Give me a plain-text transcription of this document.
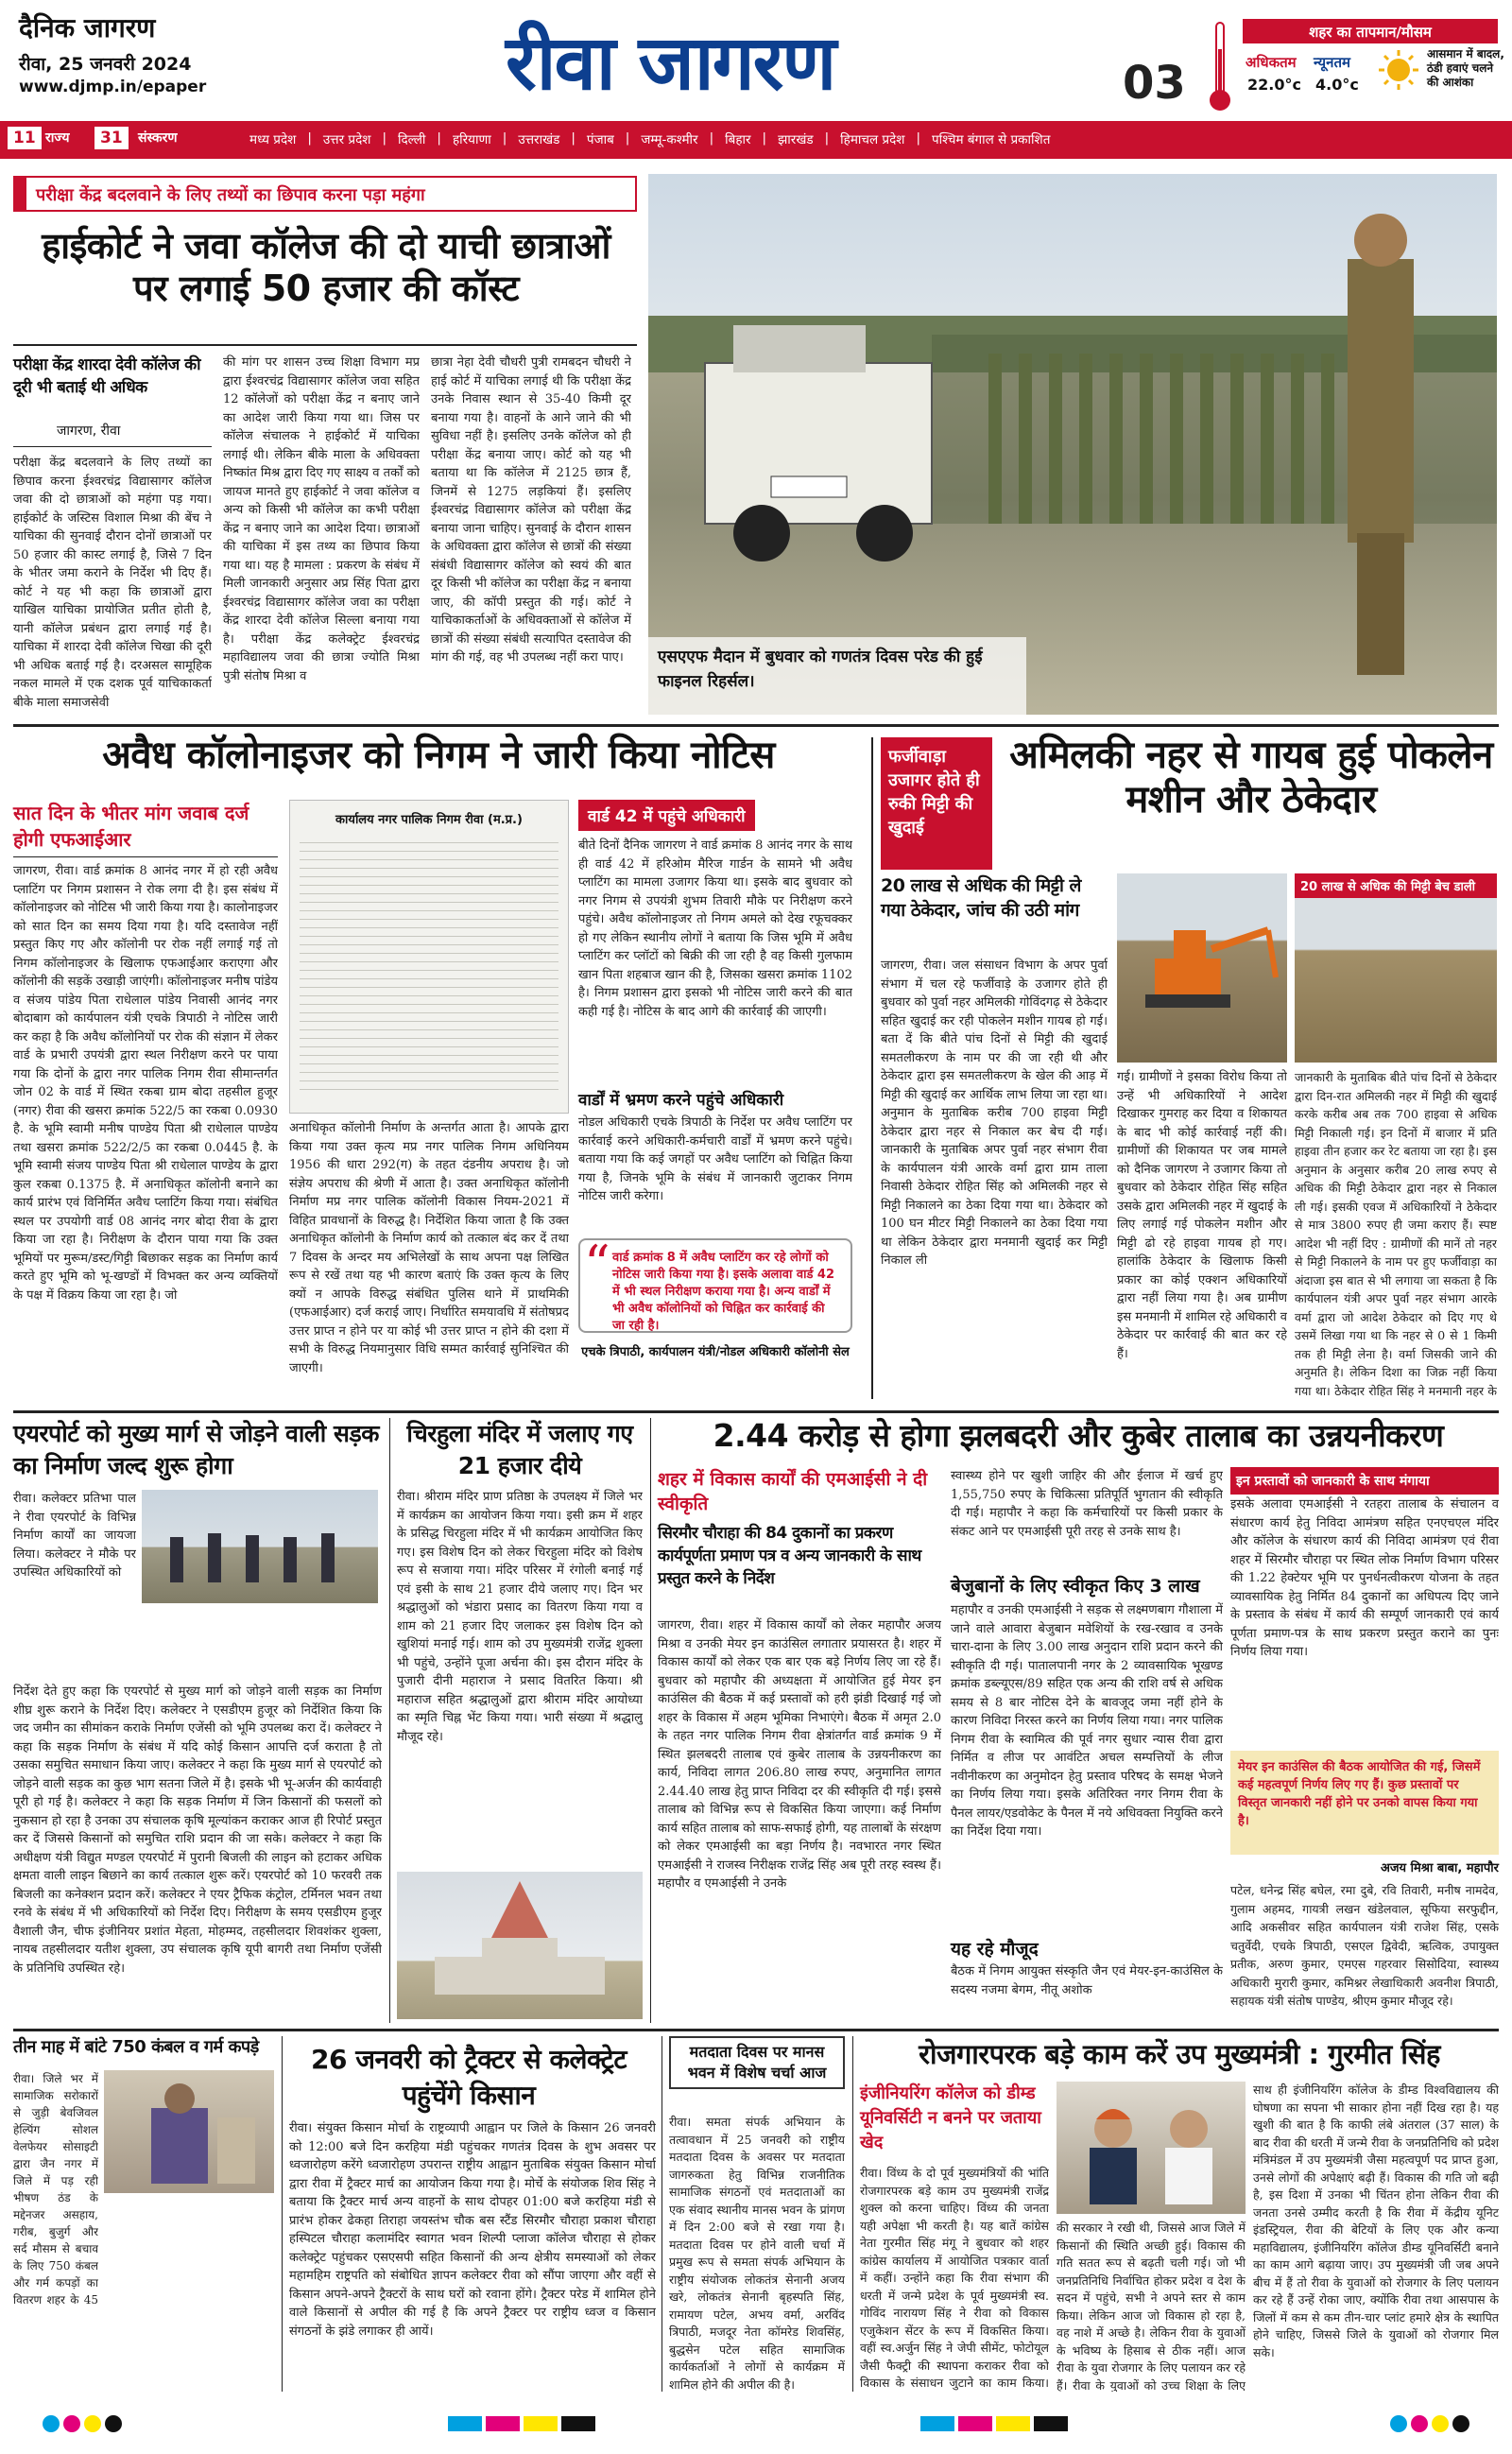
दैनिक जागरण
रीवा, 25 जनवरी 2024
www.djmp.in/epaper	रीवा जागरण	03
शहर का तापमान/मौसम
अधिकतम न्यूनतम
22.0°c 4.0°c
आसमान में बादल, ठंडी हवाएं चलने की आशंका
11 राज्य	31	संस्करण	मध्य प्रदेश | उत्तर प्रदेश | दिल्ली | हरियाणा | उत्तराखंड | पंजाब | जम्मू-कश्मीर | बिहार | झारखंड | हिमाचल प्रदेश | पश्चिम बंगाल से प्रकाशित
परीक्षा केंद्र बदलवाने के लिए तथ्यों का छिपाव करना पड़ा महंगा
हाईकोर्ट ने जवा कॉलेज की दो याची छात्राओं पर लगाई 50 हजार की कॉस्ट
परीक्षा केंद्र शारदा देवी कॉलेज की दूरी भी बताई थी अधिक
जागरण, रीवा
परीक्षा केंद्र बदलवाने के लिए तथ्यों का छिपाव करना ईश्वरचंद्र विद्यासागर कॉलेज जवा की दो छात्राओं को महंगा पड़ गया। हाईकोर्ट के जस्टिस विशाल मिश्रा की बेंच ने याचिका की सुनवाई दौरान दोनों छात्राओं पर 50 हजार की कास्ट लगाई है, जिसे 7 दिन के भीतर जमा कराने के निर्देश भी दिए हैं। कोर्ट ने यह भी कहा कि छात्राओं द्वारा याखिल याचिका प्रायोजित प्रतीत होती है, यानी कॉलेज प्रबंधन द्वारा लगाई गई है। याचिका में शारदा देवी कॉलेज चिखा की दूरी भी अधिक बताई गई है। दरअसल सामूहिक नकल मामले में एक दशक पूर्व याचिकाकर्ता बीके माला समाजसेवी
की मांग पर शासन उच्च शिक्षा विभाग मप्र द्वारा ईश्वरचंद्र विद्यासागर कॉलेज जवा सहित 12 कॉलेजों को परीक्षा केंद्र न बनाए जाने का आदेश जारी किया गया था। जिस पर कॉलेज संचालक ने हाईकोर्ट में याचिका लगाई थी। लेकिन बीके माला के अधिवक्ता निष्कांत मिश्र द्वारा दिए गए साक्ष्य व तर्कों को जायज मानते हुए हाईकोर्ट ने जवा कॉलेज व अन्य को किसी भी कॉलेज का कभी परीक्षा केंद्र न बनाए जाने का आदेश दिया। छात्राओं की याचिका में इस तथ्य का छिपाव किया गया था। यह है मामला : प्रकरण के संबंध में मिली जानकारी अनुसार अप्र सिंह पिता द्वारा ईश्वरचंद्र विद्यासागर कॉलेज जवा का परीक्षा केंद्र शारदा देवी कॉलेज सिल्ला बनाया गया है। परीक्षा केंद्र कलेक्ट्रेट ईश्वरचंद्र महाविद्यालय जवा की छात्रा ज्योति मिश्रा पुत्री संतोष मिश्रा व
छात्रा नेहा देवी चौधरी पुत्री रामबदन चौधरी ने हाई कोर्ट में याचिका लगाई थी कि परीक्षा केंद्र उनके निवास स्थान से 35-40 किमी दूर बनाया गया है। वाहनों के आने जाने की भी सुविधा नहीं है। इसलिए उनके कॉलेज को ही परीक्षा केंद्र बनाया जाए। कोर्ट को यह भी बताया था कि कॉलेज में 2125 छात्र हैं, जिनमें से 1275 लड़कियां हैं। इसलिए ईश्वरचंद्र विद्यासागर कॉलेज को परीक्षा केंद्र बनाया जाना चाहिए। सुनवाई के दौरान शासन के अधिवक्ता द्वारा कॉलेज से छात्रों की संख्या संबंधी विद्यासागर कॉलेज को स्वयं की बात दूर किसी भी कॉलेज का परीक्षा केंद्र न बनाया जाए, की कॉपी प्रस्तुत की गई। कोर्ट ने याचिकाकर्ताओं के अधिवक्ताओं से कॉलेज में छात्रों की संख्या संबंधी सत्यापित दस्तावेज की मांग की गई, वह भी उपलब्ध नहीं करा पाए।	एसएएफ मैदान में बुधवार को गणतंत्र दिवस परेड की हुई फाइनल रिहर्सल।
अवैध कॉलोनाइजर को निगम ने जारी किया नोटिस
सात दिन के भीतर मांग जवाब दर्ज होगी एफआईआर
जागरण, रीवा। वार्ड क्रमांक 8 आनंद नगर में हो रही अवैध प्लाटिंग पर निगम प्रशासन ने रोक लगा दी है। इस संबंध में कॉलोनाइजर को नोटिस भी जारी किया गया है। कालोनाइजर को सात दिन का समय दिया गया है। यदि दस्तावेज नहीं प्रस्तुत किए गए और कॉलोनी पर रोक नहीं लगाई गई तो निगम कॉलोनाइजर के खिलाफ एफआईआर कराएगा और कॉलोनी की सड़कें उखाड़ी जाएंगी। कॉलोनाइजर मनीष पांडेय व संजय पांडेय पिता राधेलाल पांडेय निवासी आनंद नगर बोदाबाग को कार्यपालन यंत्री एचके त्रिपाठी ने नोटिस जारी कर कहा है कि अवैध कॉलोनियों पर रोक की संज्ञान में लेकर वार्ड के प्रभारी उपयंत्री द्वारा स्थल निरीक्षण करने पर पाया गया कि दोनों के द्वारा नगर पालिक निगम रीवा सीमान्तर्गत जोन 02 के वार्ड में स्थित रकबा ग्राम बोदा तहसील हुजूर (नगर) रीवा की खसरा क्रमांक 522/5 का रकबा 0.0930 है. के भूमि स्वामी मनीष पाण्डेय पिता श्री राधेलाल पाण्डेय तथा खसरा क्रमांक 522/2/5 का रकबा 0.0445 है. के भूमि स्वामी संजय पाण्डेय पिता श्री राधेलाल पाण्डेय के द्वारा कुल रकबा 0.1375 है. में अनाधिकृत कॉलोनी बनाने का कार्य प्रारंभ एवं विनिर्मित अवैध प्लाटिंग किया गया। संबंधित स्थल पर उपयोगी वार्ड 08 आनंद नगर बोदा रीवा के द्वारा किया जा रहा है। निरीक्षण के दौरान पाया गया कि उक्त भूमियों पर मुरूम/डस्ट/गिट्टी बिछाकर सड़क का निर्माण कार्य करते हुए भूमि को भू-खण्डों में विभक्त कर अन्य व्यक्तियों के पक्ष में विक्रय किया जा रहा है। जो
कार्यालय नगर पालिक निगम रीवा (म.प्र.)
अनाधिकृत कॉलोनी निर्माण के अन्तर्गत आता है। आपके द्वारा किया गया उक्त कृत्य मप्र नगर पालिक निगम अधिनियम 1956 की धारा 292(ग) के तहत दंडनीय अपराध है। जो संज्ञेय अपराध की श्रेणी में आता है। उक्त अनाधिकृत कॉलोनी निर्माण मप्र नगर पालिक कॉलोनी विकास नियम-2021 में विहित प्रावधानों के विरुद्ध है। निर्देशित किया जाता है कि उक्त अनाधिकृत कॉलोनी के निर्माण कार्य को तत्काल बंद कर दें तथा 7 दिवस के अन्दर मय अभिलेखों के साथ अपना पक्ष लिखित रूप से रखें तथा यह भी कारण बताएं कि उक्त कृत्य के लिए क्यों न आपके विरुद्ध संबंधित पुलिस थाने में प्राथमिकी (एफआईआर) दर्ज कराई जाए। निर्धारित समयावधि में संतोषप्रद उत्तर प्राप्त न होने पर या कोई भी उत्तर प्राप्त न होने की दशा में सभी के विरुद्ध नियमानुसार विधि सम्मत कार्रवाई सुनिश्चित की जाएगी।
वार्ड 42 में पहुंचे अधिकारी
बीते दिनों दैनिक जागरण ने वार्ड क्रमांक 8 आनंद नगर के साथ ही वार्ड 42 में हरिओम मैरिज गार्डन के सामने भी अवैध प्लाटिंग का मामला उजागर किया था। इसके बाद बुधवार को नगर निगम से उपयंत्री शुभम तिवारी मौके पर निरीक्षण करने पहुंचे। अवैध कॉलोनाइजर तो निगम अमले को देख रफूचक्कर हो गए लेकिन स्थानीय लोगों ने बताया कि जिस भूमि में अवैध प्लाटिंग कर प्लॉटों को बिक्री की जा रही है वह किसी गुलफाम खान पिता शहबाज खान की है, जिसका खसरा क्रमांक 1102 है। निगम प्रशासन द्वारा इसको भी नोटिस जारी करने की बात कही गई है। नोटिस के बाद आगे की कार्रवाई की जाएगी।
वार्डों में भ्रमण करने पहुंचे अधिकारी
नोडल अधिकारी एचके त्रिपाठी के निर्देश पर अवैध प्लाटिंग पर कार्रवाई करने अधिकारी-कर्मचारी वार्डों में भ्रमण करने पहुंचे। बताया गया कि कई जगहों पर अवैध प्लाटिंग को चिह्नित किया गया है, जिनके भूमि के संबंध में जानकारी जुटाकर निगम नोटिस जारी करेगा।
“ वार्ड क्रमांक 8 में अवैध प्लाटिंग कर रहे लोगों को नोटिस जारी किया गया है। इसके अलावा वार्ड 42 में भी स्थल निरीक्षण कराया गया है। अन्य वार्डों में भी अवैध कॉलोनियों को चिह्नित कर कार्रवाई की जा रही है।
एचके त्रिपाठी, कार्यपालन यंत्री/नोडल अधिकारी कॉलोनी सेल
फर्जीवाड़ा उजागर होते ही रुकी मिट्टी की खुदाई
अमिलकी नहर से गायब हुई पोकलेन मशीन और ठेकेदार
20 लाख से अधिक की मिट्टी ले गया ठेकेदार, जांच की उठी मांग
जागरण, रीवा। जल संसाधन विभाग के अपर पुर्वा संभाग में चल रहे फर्जीवाड़े के उजागर होते ही बुधवार को पुर्वा नहर अमिलकी गोविंदगढ़ से ठेकेदार सहित खुदाई कर रही पोकलेन मशीन गायब हो गई। बता दें कि बीते पांच दिनों से मिट्टी की खुदाई समतलीकरण के नाम पर की जा रही थी और ठेकेदार द्वारा इस समतलीकरण के खेल की आड़ में मिट्टी की खुदाई कर आर्थिक लाभ लिया जा रहा था। अनुमान के मुताबिक करीब 700 हाइवा मिट्टी ठेकेदार द्वारा नहर से निकाल कर बेच दी गई। जानकारी के मुताबिक अपर पुर्वा नहर संभाग रीवा के कार्यपालन यंत्री आरके वर्मा द्वारा ग्राम ताला निवासी ठेकेदार रोहित सिंह को अमिलकी नहर से मिट्टी निकालने का ठेका दिया गया था। ठेकेदार को 100 घन मीटर मिट्टी निकालने का ठेका दिया गया था लेकिन ठेकेदार द्वारा मनमानी खुदाई कर मिट्टी निकाल ली
20 लाख से अधिक की मिट्टी बेच डाली
गई। ग्रामीणों ने इसका विरोध किया तो उन्हें भी अधिकारियों ने आदेश दिखाकर गुमराह कर दिया व शिकायत के बाद भी कोई कार्रवाई नहीं की। ग्रामीणों की शिकायत पर जब मामले को दैनिक जागरण ने उजागर किया तो बुधवार को ठेकेदार रोहित सिंह सहित उसके द्वारा अमिलकी नहर में खुदाई के लिए लगाई गई पोकलेन मशीन और मिट्टी ढो रहे हाइवा गायब हो गए। हालांकि ठेकेदार के खिलाफ किसी प्रकार का कोई एक्शन अधिकारियों द्वारा नहीं लिया गया है। अब ग्रामीण इस मनमानी में शामिल रहे अधिकारी व ठेकेदार पर कार्रवाई की बात कर रहे हैं।
जानकारी के मुताबिक बीते पांच दिनों से ठेकेदार द्वारा दिन-रात अमिलकी नहर में मिट्टी की खुदाई करके करीब अब तक 700 हाइवा से अधिक मिट्टी निकाली गई। इन दिनों में बाजार में प्रति हाइवा तीन हजार कर रेट बताया जा रहा है। इस अनुमान के अनुसार करीब 20 लाख रुपए से अधिक की मिट्टी ठेकेदार द्वारा नहर से निकाल ली गई। इसकी एवज में अधिकारियों ने ठेकेदार से मात्र 3800 रुपए ही जमा कराए हैं। स्पष्ट आदेश भी नहीं दिए : ग्रामीणों की मानें तो नहर से मिट्टी निकालने के नाम पर हुए फर्जीवाड़ा का अंदाजा इस बात से भी लगाया जा सकता है कि कार्यपालन यंत्री अपर पुर्वा नहर संभाग आरके वर्मा द्वारा जो आदेश ठेकेदार को दिए गए थे उसमें लिखा गया था कि नहर से 0 से 1 किमी तक ही मिट्टी लेना है। वर्मा जिसकी जाने की अनुमति है। लेकिन दिशा का जिक्र नहीं किया गया था। ठेकेदार रोहित सिंह ने मनमानी नहर के
एयरपोर्ट को मुख्य मार्ग से जोड़ने वाली सड़क का निर्माण जल्द शुरू होगा
रीवा। कलेक्टर प्रतिभा पाल ने रीवा एयरपोर्ट के विभिन्न निर्माण कार्यों का जायजा लिया। कलेक्टर ने मौके पर उपस्थित अधिकारियों को
निर्देश देते हुए कहा कि एयरपोर्ट से मुख्य मार्ग को जोड़ने वाली सड़क का निर्माण शीघ्र शुरू कराने के निर्देश दिए। कलेक्टर ने एसडीएम हुजूर को निर्देशित किया कि जद जमीन का सीमांकन कराके निर्माण एजेंसी को भूमि उपलब्ध करा दें। कलेक्टर ने कहा कि सड़क निर्माण के संबंध में यदि कोई किसान आपत्ति दर्ज कराता है तो उसका समुचित समाधान किया जाए। कलेक्टर ने कहा कि मुख्य मार्ग से एयरपोर्ट को जोड़ने वाली सड़क का कुछ भाग सतना जिले में है। इसके भी भू-अर्जन की कार्यवाही पूरी हो गई है। कलेक्टर ने कहा कि सड़क निर्माण में जिन किसानों की फसलों को नुकसान हो रहा है उनका उप संचालक कृषि मूल्यांकन कराकर आज ही रिपोर्ट प्रस्तुत कर दें जिससे किसानों को समुचित राशि प्रदान की जा सके। कलेक्टर ने कहा कि अधीक्षण यंत्री विद्युत मण्डल एयरपोर्ट में पुरानी बिजली की लाइन को हटाकर अधिक क्षमता वाली लाइन बिछाने का कार्य तत्काल शुरू करें। एयरपोर्ट को 10 फरवरी तक बिजली का कनेक्शन प्रदान करें। कलेक्टर ने एयर ट्रैफिक कंट्रोल, टर्मिनल भवन तथा रनवे के संबंध में भी अधिकारियों को निर्देश दिए। निरीक्षण के समय एसडीएम हुजूर वैशाली जैन, चीफ इंजीनियर प्रशांत मेहता, मोहम्मद, तहसीलदार शिवशंकर शुक्ला, नायब तहसीलदार यतीश शुक्ला, उप संचालक कृषि यूपी बागरी तथा निर्माण एजेंसी के प्रतिनिधि उपस्थित रहे।
चिरहुला मंदिर में जलाए गए 21 हजार दीये
रीवा। श्रीराम मंदिर प्राण प्रतिष्ठा के उपलक्ष्य में जिले भर में कार्यक्रम का आयोजन किया गया। इसी क्रम में शहर के प्रसिद्ध चिरहुला मंदिर में भी कार्यक्रम आयोजित किए गए। इस विशेष दिन को लेकर चिरहुला मंदिर को विशेष रूप से सजाया गया। मंदिर परिसर में रंगोली बनाई गई एवं इसी के साथ 21 हजार दीये जलाए गए। दिन भर श्रद्धालुओं को भंडारा प्रसाद का वितरण किया गया व शाम को 21 हजार दिए जलाकर इस विशेष दिन को खुशियां मनाई गई। शाम को उप मुख्यमंत्री राजेंद्र शुक्ला भी पहुंचे, उन्होंने पूजा अर्चना की। इस दौरान मंदिर के पुजारी दीनी महाराज ने प्रसाद वितरित किया। श्री महाराज सहित श्रद्धालुओं द्वारा श्रीराम मंदिर आयोध्या का स्मृति चिह्न भेंट किया गया। भारी संख्या में श्रद्धालु मौजूद रहे।
2.44 करोड़ से होगा झलबदरी और कुबेर तालाब का उन्नयनीकरण
शहर में विकास कार्यों की एमआईसी ने दी स्वीकृति
सिरमौर चौराहा की 84 दुकानों का प्रकरण कार्यपूर्णता प्रमाण पत्र व अन्य जानकारी के साथ प्रस्तुत करने के निर्देश
जागरण, रीवा। शहर में विकास कार्यों को लेकर महापौर अजय मिश्रा व उनकी मेयर इन काउंसिल लगातार प्रयासरत है। शहर में विकास कार्यों को लेकर एक बार एक बड़े निर्णय लिए जा रहे हैं। बुधवार को महापौर की अध्यक्षता में आयोजित हुई मेयर इन काउंसिल की बैठक में कई प्रस्तावों को हरी झंडी दिखाई गई जो शहर के विकास में अहम भूमिका निभाएंगे। बैठक में अमृत 2.0 के तहत नगर पालिक निगम रीवा क्षेत्रांतर्गत वार्ड क्रमांक 9 में स्थित झलबदरी तालाब एवं कुबेर तालाब के उन्नयनीकरण का कार्य, निविदा लागत 206.80 लाख रुपए, अनुमानित लागत 2.44.40 लाख हेतु प्राप्त निविदा दर की स्वीकृति दी गई। इससे तालाब को विभिन्न रूप से विकसित किया जाएगा। कई निर्माण कार्य सहित तालाब को साफ-सफाई होगी, यह तालाबों के संरक्षण को लेकर एमआईसी का बड़ा निर्णय है। नवभारत नगर स्थित एमआईसी ने राजस्व निरीक्षक राजेंद्र सिंह अब पूरी तरह स्वस्थ हैं। महापौर व एमआईसी ने उनके
स्वास्थ्य होने पर खुशी जाहिर की और ईलाज में खर्च हुए 1,55,750 रुपए के चिकित्सा प्रतिपूर्ति भुगतान की स्वीकृति दी गई। महापौर ने कहा कि कर्मचारियों पर किसी प्रकार के संकट आने पर एमआईसी पूरी तरह से उनके साथ है।
बेजुबानों के लिए स्वीकृत किए 3 लाख
महापौर व उनकी एमआईसी ने सड़क से लक्ष्मणबाग गौशाला में जाने वाले आवारा बेजुबान मवेशियों के रख-रखाव व उनके चारा-दाना के लिए 3.00 लाख अनुदान राशि प्रदान करने की स्वीकृति दी गई। पातालपानी नगर के 2 व्यावसायिक भूखण्ड क्रमांक डब्ल्यूएस/89 सहित एक अन्य की राशि वर्ष से अधिक समय से 8 बार नोटिस देने के बावजूद जमा नहीं होने के कारण निविदा निरस्त करने का निर्णय लिया गया। नगर पालिक निगम रीवा के स्वामित्व की पूर्व नगर सुधार न्यास रीवा द्वारा निर्मित व लीज पर आवंटित अचल सम्पत्तियों के लीज नवीनीकरण का अनुमोदन हेतु प्रस्ताव परिषद के समक्ष भेजने का निर्णय लिया गया। इसके अतिरिक्त नगर निगम रीवा के पैनल लायर/एडवोकेट के पैनल में नये अधिवक्ता नियुक्ति करने का निर्देश दिया गया।
यह रहे मौजूद
बैठक में निगम आयुक्त संस्कृति जैन एवं मेयर-इन-काउंसिल के सदस्य नजमा बेगम, नीतू अशोक
इन प्रस्तावों को जानकारी के साथ मंगाया
इसके अलावा एमआईसी ने रतहरा तालाब के संचालन व संधारण कार्य हेतु निविदा आमंत्रण सहित एनएचएल मंदिर और कॉलेज के संधारण कार्य की निविदा आमंत्रण एवं रीवा शहर में सिरमौर चौराहा पर स्थित लोक निर्माण विभाग परिसर की 1.22 हेक्टेयर भूमि पर पुनर्धनत्वीकरण योजना के तहत व्यावसायिक हेतु निर्मित 84 दुकानों का अधिपत्य दिए जाने के प्रस्ताव के संबंध में कार्य की सम्पूर्ण जानकारी एवं कार्य पूर्णता प्रमाण-पत्र के साथ प्रकरण प्रस्तुत कराने का पुनः निर्णय लिया गया।
मेयर इन काउंसिल की बैठक आयोजित की गई, जिसमें कई महत्वपूर्ण निर्णय लिए गए हैं। कुछ प्रस्तावों पर विस्तृत जानकारी नहीं होने पर उनको वापस किया गया है।
अजय मिश्रा बाबा, महापौर
पटेल, धनेन्द्र सिंह बघेल, रमा दुबे, रवि तिवारी, मनीष नामदेव, गुलाम अहमद, गायत्री लखन खंडेलवाल, सूफिया सरफुद्दीन, आदि अकसीवर सहित कार्यपालन यंत्री राजेश सिंह, एसके चतुर्वेदी, एचके त्रिपाठी, एसएल द्विवेदी, ऋत्विक, उपायुक्त प्रतीक, अरुण कुमार, एमएस गहरवार सिसोदिया, स्वास्थ्य अधिकारी मुरारी कुमार, कमिश्नर लेखाधिकारी अवनीश त्रिपाठी, सहायक यंत्री संतोष पाण्डेय, श्रीएम कुमार मौजूद रहे।
तीन माह में बांटे 750 कंबल व गर्म कपड़े
रीवा। जिले भर में सामाजिक सरोकारों से जुड़ी बेवजिवल हेल्पिंग सोशल वेलफेयर सोसाइटी द्वारा जैन नगर में जिले में पड़ रही भीषण ठंड के मद्देनजर असहाय, गरीब, बुजुर्ग और सर्द मौसम से बचाव के लिए 750 कंबल और गर्म कपड़ों का वितरण शहर के 45
26 जनवरी को ट्रैक्टर से कलेक्ट्रेट पहुंचेंगे किसान
रीवा। संयुक्त किसान मोर्चा के राष्ट्रव्यापी आह्वान पर जिले के किसान 26 जनवरी को 12:00 बजे दिन करहिया मंडी पहुंचकर गणतंत्र दिवस के शुभ अवसर पर ध्वजारोहण करेंगे ध्वजारोहण उपरान्त राष्ट्रीय आह्वान मुताबिक संयुक्त किसान मोर्चा द्वारा रीवा में ट्रैक्टर मार्च का आयोजन किया गया है। मोर्चे के संयोजक शिव सिंह ने बताया कि ट्रैक्टर मार्च अन्य वाहनों के साथ दोपहर 01:00 बजे करहिया मंडी से प्रारंभ होकर ढेकहा तिराहा जयस्तंभ चौक बस स्टैंड सिरमौर चौराहा प्रकाश चौराहा हस्पिटल चौराहा कलामंदिर स्वागत भवन शिल्पी प्लाजा कॉलेज चौराहा से होकर कलेक्ट्रेट पहुंचकर एसएसपी सहित किसानों की अन्य क्षेत्रीय समस्याओं को लेकर महामहिम राष्ट्रपति को संबोधित ज्ञापन कलेक्टर रीवा को सौंपा जाएगा और वहीं से किसान अपने-अपने ट्रैक्टरों के साथ घरों को रवाना होंगे। ट्रैक्टर परेड में शामिल होने वाले किसानों से अपील की गई है कि अपने ट्रैक्टर पर राष्ट्रीय ध्वज व किसान संगठनों के झंडे लगाकर ही आयें।
मतदाता दिवस पर मानस भवन में विशेष चर्चा आज
रीवा। समता संपर्क अभियान के तत्वावधान में 25 जनवरी को राष्ट्रीय मतदाता दिवस के अवसर पर मतदाता जागरुकता हेतु विभिन्न राजनीतिक सामाजिक संगठनों एवं मतदाताओं का एक संवाद स्थानीय मानस भवन के प्रांगण में दिन 2:00 बजे से रखा गया है। मतदाता दिवस पर होने वाली चर्चा में प्रमुख रूप से समता संपर्क अभियान के राष्ट्रीय संयोजक लोकतंत्र सेनानी अजय खरे, लोकतंत्र सेनानी बृहस्पति सिंह, रामायण पटेल, अभय वर्मा, अरविंद त्रिपाठी, मजदूर नेता कॉमरेड शिवसिंह, बुद्धसेन पटेल सहित सामाजिक कार्यकर्ताओं ने लोगों से कार्यक्रम में शामिल होने की अपील की है।
रोजगारपरक बड़े काम करें उप मुख्यमंत्री : गुरमीत सिंह
इंजीनियरिंग कॉलेज को डीम्ड यूनिवर्सिटी न बनने पर जताया खेद
रीवा। विंध्य के दो पूर्व मुख्यमंत्रियों की भांति रोजगारपरक बड़े काम उप मुख्यमंत्री राजेंद्र शुक्ल को करना चाहिए। विंध्य की जनता यही अपेक्षा भी करती है। यह बातें कांग्रेस नेता गुरमीत सिंह मंगू ने बुधवार को शहर कांग्रेस कार्यालय में आयोजित पत्रकार वार्ता में कहीं। उन्होंने कहा कि रीवा संभाग की धरती में जन्मे प्रदेश के पूर्व मुख्यमंत्री स्व. गोविंद नारायण सिंह ने रीवा को विकास एजुकेशन सेंटर के रूप में विकसित किया। वहीं स्व.अर्जुन सिंह ने जेपी सीमेंट, फोटोयूल जैसी फैक्ट्री की स्थापना कराकर रीवा को विकास के संसाधन जुटाने का काम किया।
की सरकार ने रखी थी, जिससे आज जिले में किसानों की स्थिति अच्छी हुई। विकास की गति सतत रूप से बढ़ती चली गई। जो भी जनप्रतिनिधि निर्वाचित होकर प्रदेश व देश के सदन में पहुंचे, सभी ने अपने स्तर से काम किया। लेकिन आज जो विकास हो रहा है, वह नाशे में अच्छे है। लेकिन रीवा के युवाओं के भविष्य के हिसाब से ठीक नहीं। आज रीवा के युवा रोजगार के लिए पलायन कर रहे हैं। रीवा के युवाओं को उच्च शिक्षा के लिए
साथ ही इंजीनियरिंग कॉलेज के डीम्ड विश्वविद्यालय की घोषणा का सपना भी साकार होना नहीं दिख रहा है। यह खुशी की बात है कि काफी लंबे अंतराल (37 साल) के बाद रीवा की धरती में जन्मे रीवा के जनप्रतिनिधि को प्रदेश मंत्रिमंडल में उप मुख्यमंत्री जैसा महत्वपूर्ण पद प्राप्त हुआ, उनसे लोगों की अपेक्षाएं बढ़ी हैं। विकास की गति जो बढ़ी है, इस दिशा में उनका भी चिंतन होना लेकिन रीवा की जनता उनसे उम्मीद करती है कि रीवा में केंद्रीय यूनिट इंडस्ट्रियल, रीवा की बेटियों के लिए एक और कन्या महाविद्यालय, इंजीनियरिंग कॉलेज डीम्ड यूनिवर्सिटी बनाने का काम आगे बढ़ाया जाए। उप मुख्यमंत्री जी जब अपने बीच में हैं तो रीवा के युवाओं को रोजगार के लिए पलायन कर रहे हैं उन्हें रोका जाए, क्योंकि रीवा तथा आसपास के जिलों में कम से कम तीन-चार प्लांट हमारे क्षेत्र के स्थापित होने चाहिए, जिससे जिले के युवाओं को रोजगार मिल सके।
